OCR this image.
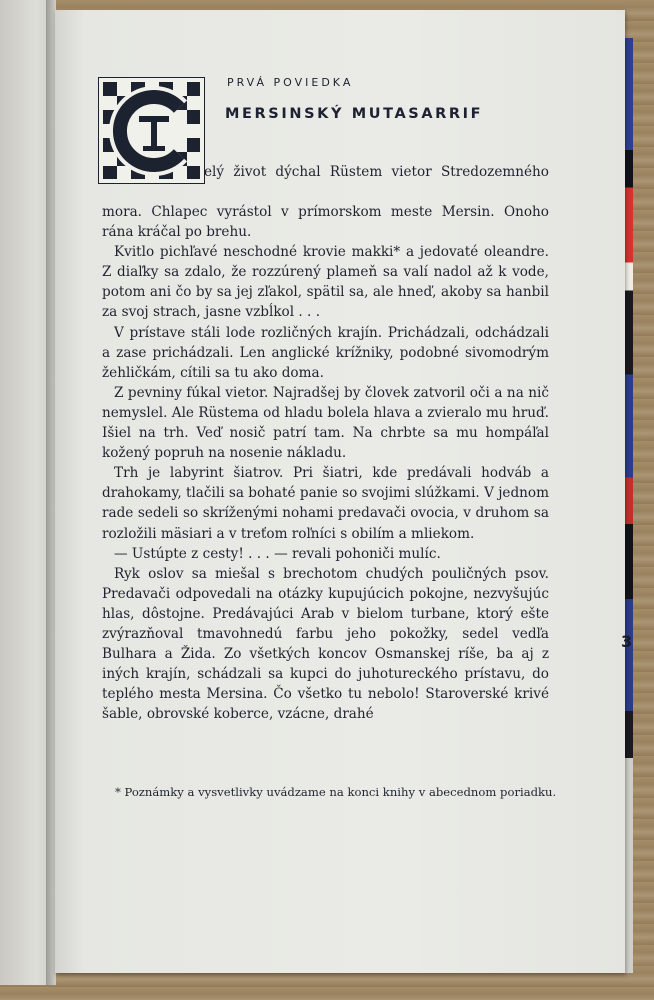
PRVÁ POVIEDKA

MERSINSKÝ MUTASARRIF

elý život dýchal Rüstem vietor Stredozemného

mora. Chlapec vyrástol v prímorskom meste Mersin. Onoho rána kráčal po brehu.

Kvitlo pichľavé neschodné krovie makki* a jedovaté oleandre. Z diaľky sa zdalo, že rozzúrený plameň sa valí nadol až k vode, potom ani čo by sa jej zľakol, spätil sa, ale hneď, akoby sa hanbil za svoj strach, jasne vzbĺkol . . .

V prístave stáli lode rozličných krajín. Prichádzali, odchádzali a zase prichádzali. Len anglické krížniky, podobné sivomodrým žehličkám, cítili sa tu ako doma.

Z pevniny fúkal vietor. Najradšej by človek zatvoril oči a na nič nemyslel. Ale Rüstema od hladu bolela hlava a zvieralo mu hruď. Išiel na trh. Veď nosič patrí tam. Na chrbte sa mu hompáľal kožený popruh na nosenie nákladu.

Trh je labyrint šiatrov. Pri šiatri, kde predávali hodváb a drahokamy, tlačili sa bohaté panie so svojimi slúžkami. V jednom rade sedeli so skríženými nohami predavači ovocia, v druhom sa rozložili mäsiari a v treťom roľníci s obilím a mliekom.

— Ustúpte z cesty! . . . — revali pohoniči mulíc.

Ryk oslov sa miešal s brechotom chudých pouličných psov. Predavači odpovedali na otázky kupujúcich pokojne, nezvyšujúc hlas, dôstojne. Predávajúci Arab v bielom turbane, ktorý ešte zvýrazňoval tmavohnedú farbu jeho pokožky, sedel vedľa Bulhara a Žida. Zo všetkých koncov Osmanskej ríše, ba aj z iných krajín, schádzali sa kupci do juhotureckého prístavu, do teplého mesta Mersina. Čo všetko tu nebolo! Staroverské krivé šable, obrovské koberce, vzácne, drahé

* Poznámky a vysvetlivky uvádzame na konci knihy v abecednom poriadku.

3
